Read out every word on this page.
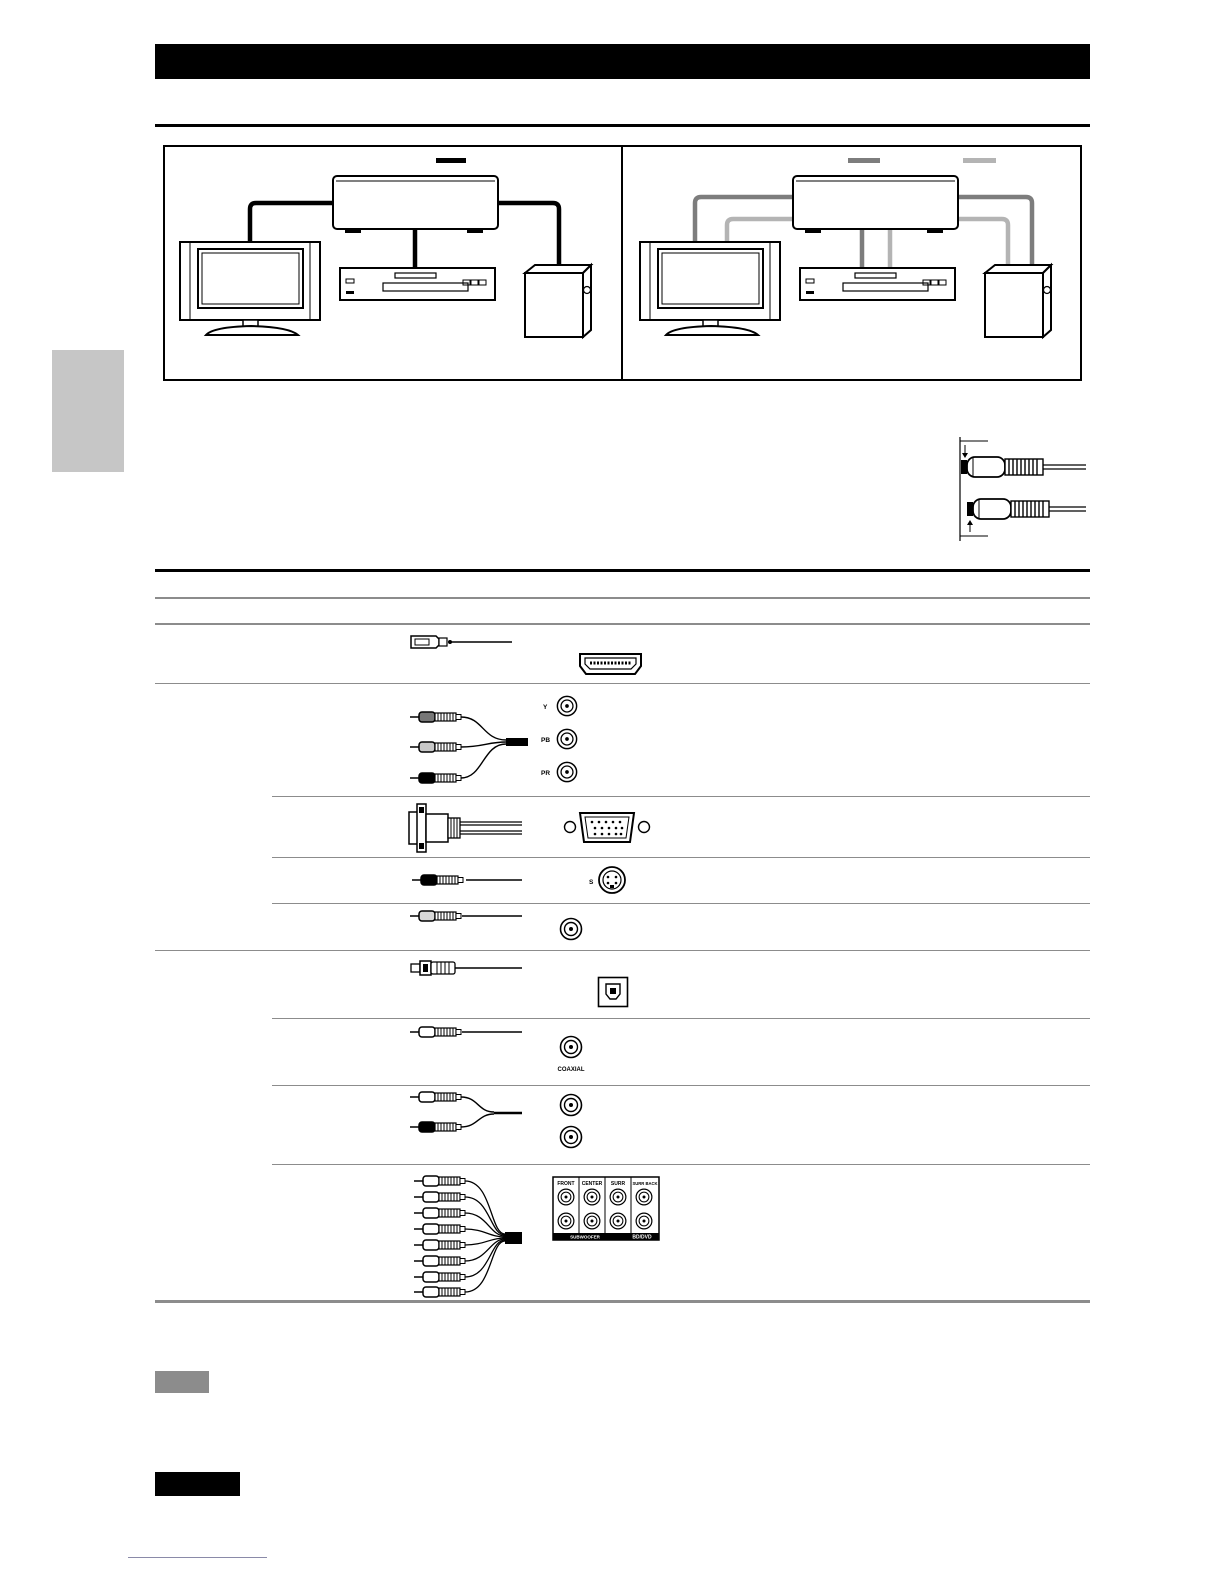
Y
PB
PR
S
COAXIAL
FRONT CENTER SURR SURR BACK
SUBWOOFER	BD/DVD
